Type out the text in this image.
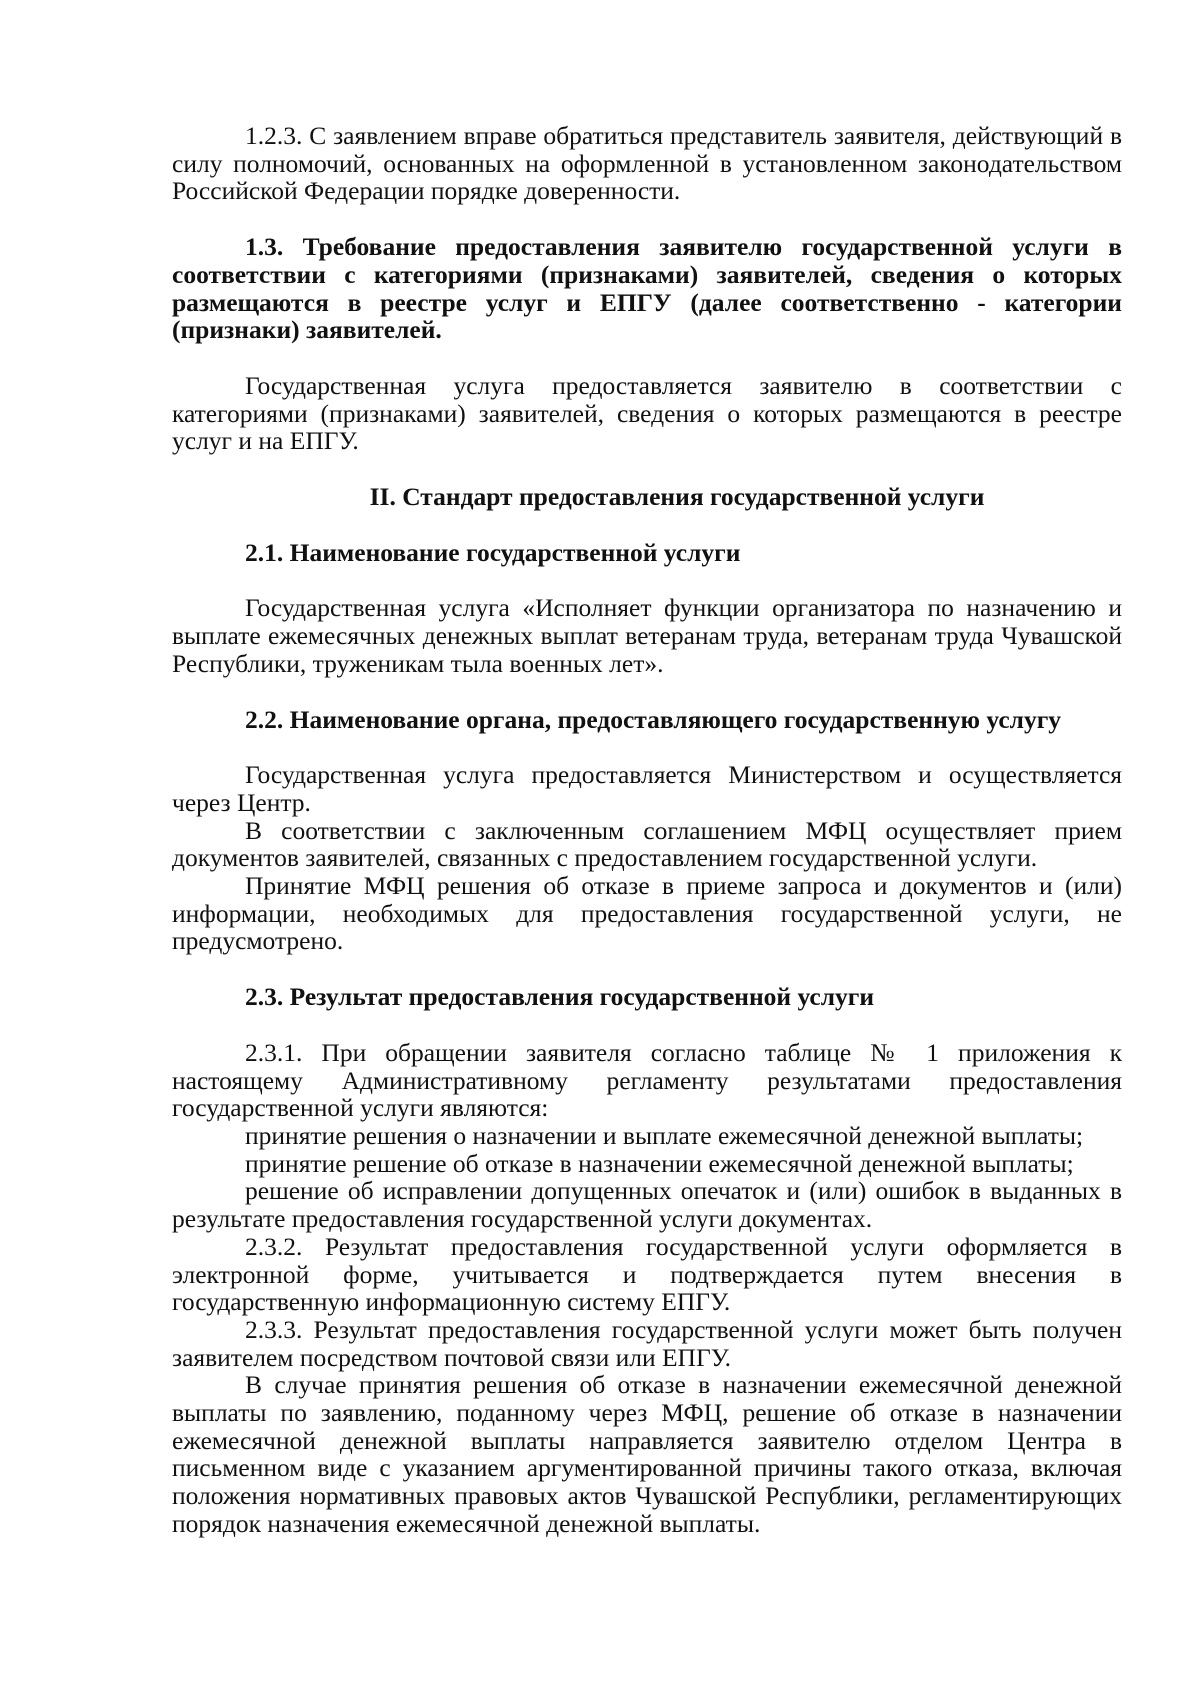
1.2.3. С заявлением вправе обратиться представитель заявителя, действующий в силу полномочий, основанных на оформленной в установленном законодательством Российской Федерации порядке доверенности.

1.3. Требование предоставления заявителю государственной услуги в соответствии с категориями (признаками) заявителей, сведения о которых размещаются в реестре услуг и ЕПГУ (далее соответственно - категории (признаки) заявителей.

Государственная услуга предоставляется заявителю в соответствии с категориями (признаками) заявителей, сведения о которых размещаются в реестре услуг и на ЕПГУ.

II. Стандарт предоставления государственной услуги

2.1. Наименование государственной услуги

Государственная услуга «Исполняет функции организатора по назначению и выплате ежемесячных денежных выплат ветеранам труда, ветеранам труда Чувашской Республики, труженикам тыла военных лет».

2.2. Наименование органа, предоставляющего государственную услугу

Государственная услуга предоставляется Министерством и осуществляется через Центр.

В соответствии с заключенным соглашением МФЦ осуществляет прием документов заявителей, связанных с предоставлением государственной услуги.

Принятие МФЦ решения об отказе в приеме запроса и документов и (или) информации, необходимых для предоставления государственной услуги, не предусмотрено.

2.3. Результат предоставления государственной услуги

2.3.1. При обращении заявителя согласно таблице № 1 приложения к настоящему Административному регламенту результатами предоставления государственной услуги являются:

принятие решения о назначении и выплате ежемесячной денежной выплаты;

принятие решение об отказе в назначении ежемесячной денежной выплаты;

решение об исправлении допущенных опечаток и (или) ошибок в выданных в результате предоставления государственной услуги документах.

2.3.2. Результат предоставления государственной услуги оформляется в электронной форме, учитывается и подтверждается путем внесения в государственную информационную систему ЕПГУ.

2.3.3. Результат предоставления государственной услуги может быть получен заявителем посредством почтовой связи или ЕПГУ.

В случае принятия решения об отказе в назначении ежемесячной денежной выплаты по заявлению, поданному через МФЦ, решение об отказе в назначении ежемесячной денежной выплаты направляется заявителю отделом Центра в письменном виде с указанием аргументированной причины такого отказа, включая положения нормативных правовых актов Чувашской Республики, регламентирующих порядок назначения ежемесячной денежной выплаты.
